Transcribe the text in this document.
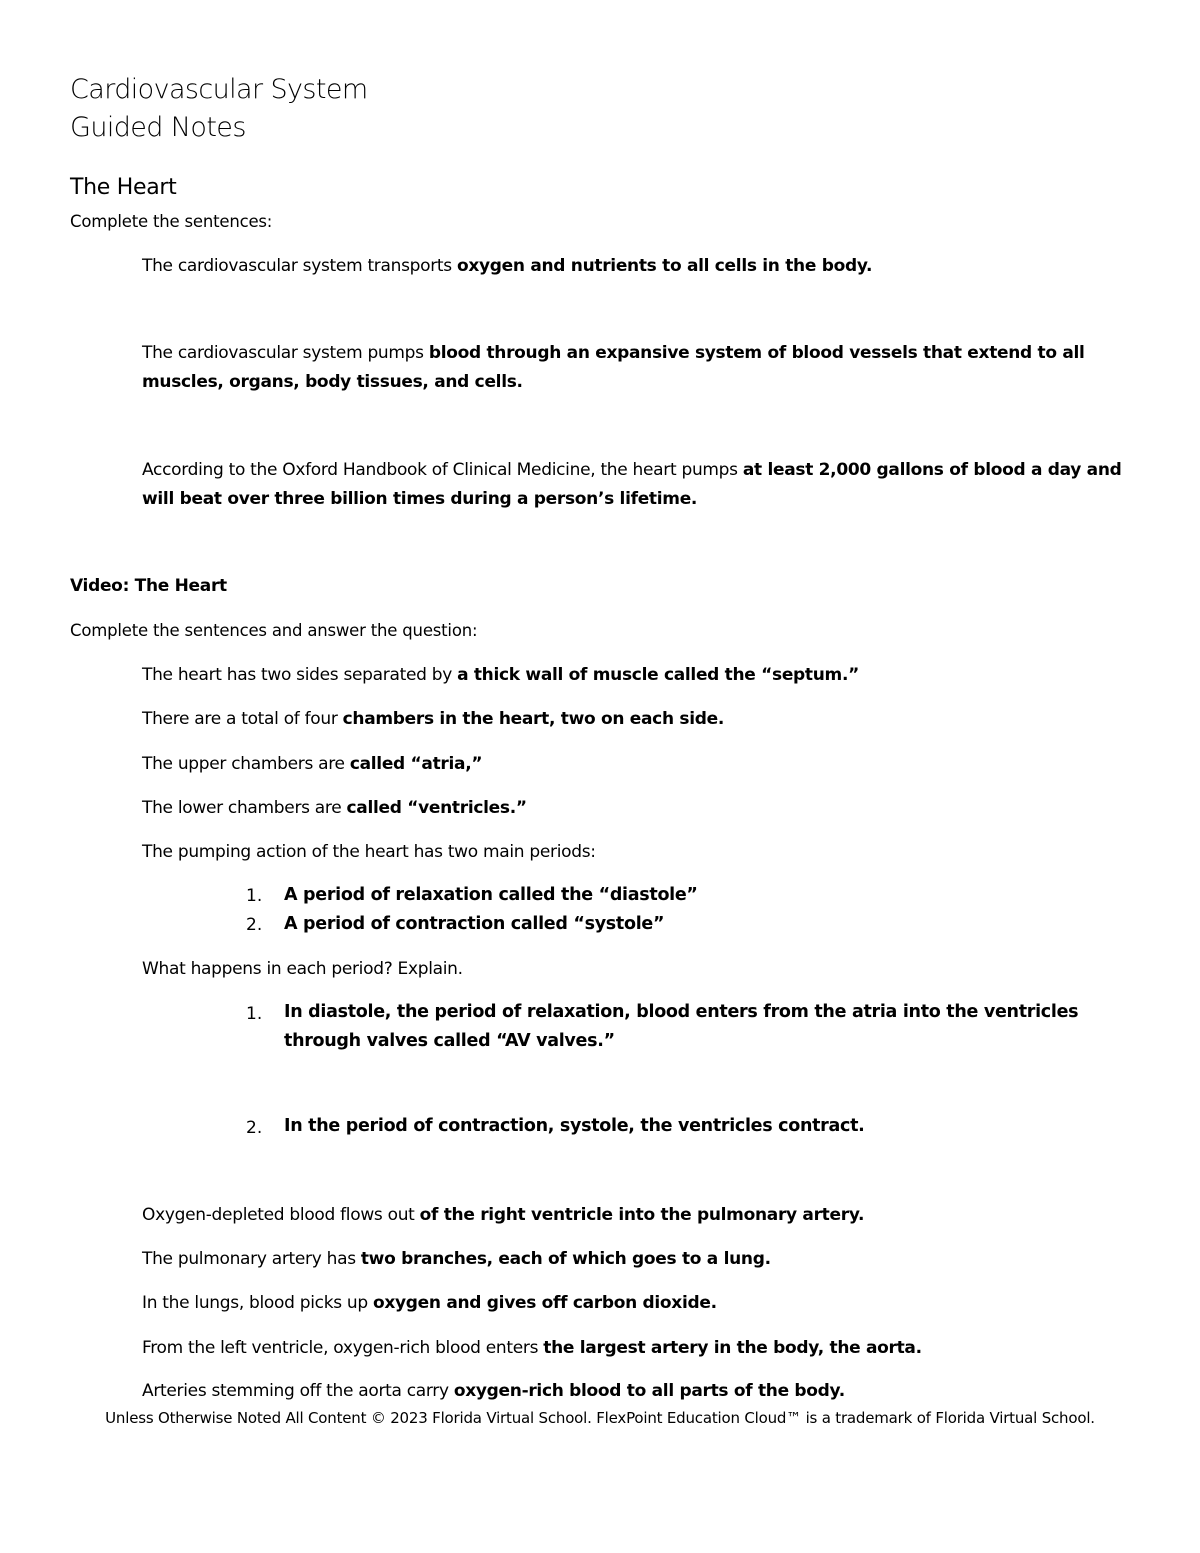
Cardiovascular System
Guided Notes
The Heart
Complete the sentences:
The cardiovascular system transports oxygen and nutrients to all cells in the body.
The cardiovascular system pumps blood through an expansive system of blood vessels that extend to all muscles, organs, body tissues, and cells.
According to the Oxford Handbook of Clinical Medicine, the heart pumps at least 2,000 gallons of blood a day and will beat over three billion times during a person’s lifetime.
Video: The Heart
Complete the sentences and answer the question:
The heart has two sides separated by a thick wall of muscle called the “septum.”
There are a total of four chambers in the heart, two on each side.
The upper chambers are called “atria,”
The lower chambers are called “ventricles.”
The pumping action of the heart has two main periods:
1. A period of relaxation called the “diastole”
2. A period of contraction called “systole”
What happens in each period? Explain.
1. In diastole, the period of relaxation, blood enters from the atria into the ventricles through valves called “AV valves.”
2. In the period of contraction, systole, the ventricles contract.
Oxygen-depleted blood flows out of the right ventricle into the pulmonary artery.
The pulmonary artery has two branches, each of which goes to a lung.
In the lungs, blood picks up oxygen and gives off carbon dioxide.
From the left ventricle, oxygen-rich blood enters the largest artery in the body, the aorta.
Arteries stemming off the aorta carry oxygen-rich blood to all parts of the body.
Unless Otherwise Noted All Content © 2023 Florida Virtual School. FlexPoint Education Cloud™ is a trademark of Florida Virtual School.
